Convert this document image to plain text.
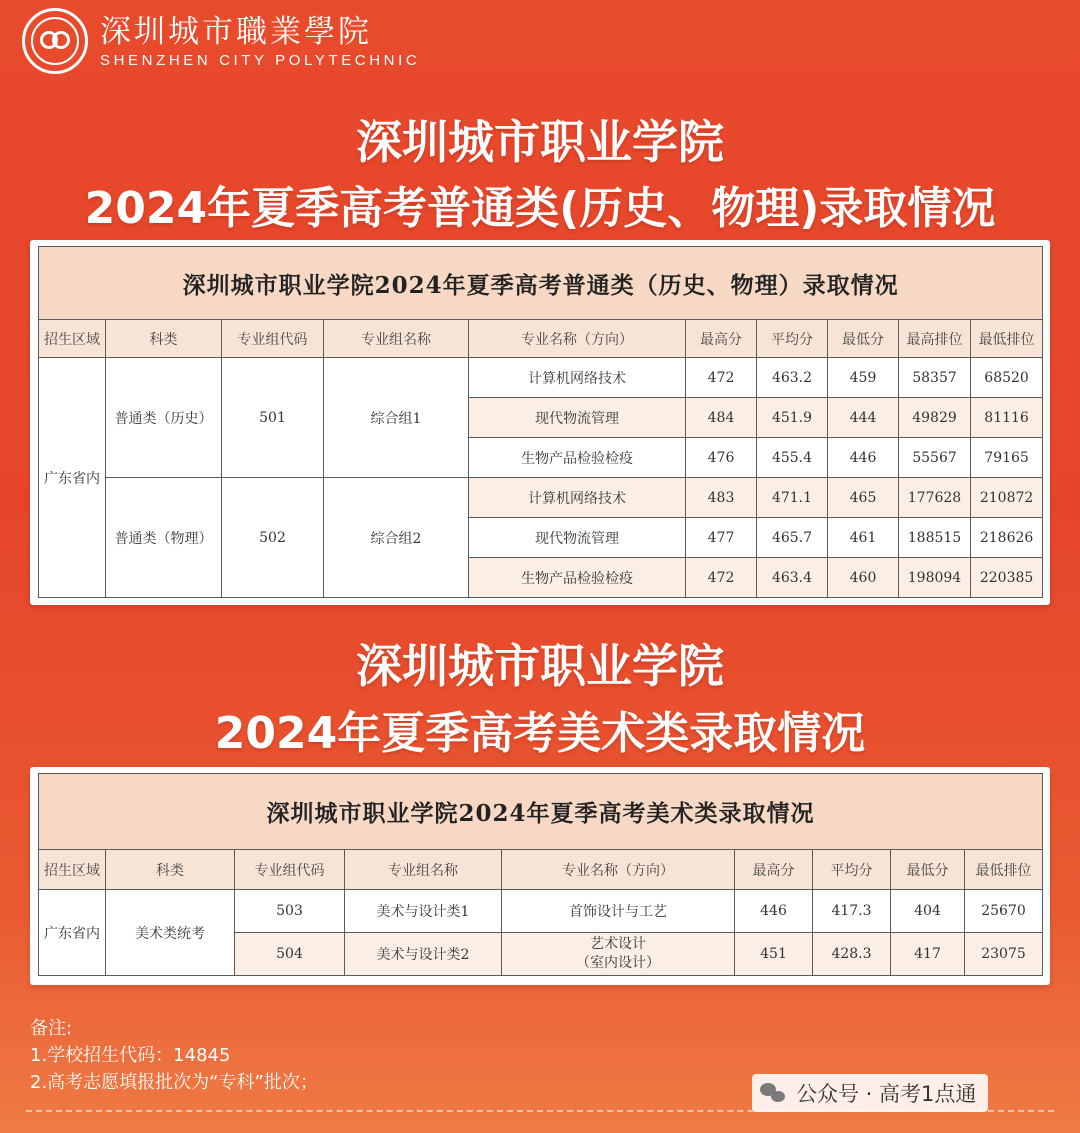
深圳城市職業學院
SHENZHEN CITY POLYTECHNIC
深圳城市职业学院
2024年夏季高考普通类(历史、物理)录取情况
深圳城市职业学院2024年夏季高考普通类（历史、物理）录取情况									
招生区域	科类	专业组代码	专业组名称	专业名称（方向）	最高分	平均分	最低分	最高排位	最低排位
广东省内	普通类（历史）	501	综合组1	计算机网络技术	472	463.2	459	58357	68520
				现代物流管理	484	451.9	444	49829	81116
				生物产品检验检疫	476	455.4	446	55567	79165
	普通类（物理）	502	综合组2	计算机网络技术	483	471.1	465	177628	210872
				现代物流管理	477	465.7	461	188515	218626
				生物产品检验检疫	472	463.4	460	198094	220385
深圳城市职业学院
2024年夏季高考美术类录取情况
深圳城市职业学院2024年夏季高考美术类录取情况								
招生区域	科类	专业组代码	专业组名称	专业名称（方向）	最高分	平均分	最低分	最低排位
广东省内	美术类统考	503	美术与设计类1	首饰设计与工艺	446	417.3	404	25670
		504	美术与设计类2	艺术设计
（室内设计）	451	428.3	417	23075
备注:
1.学校招生代码：14845
2.高考志愿填报批次为“专科”批次；	公众号 · 高考1点通
